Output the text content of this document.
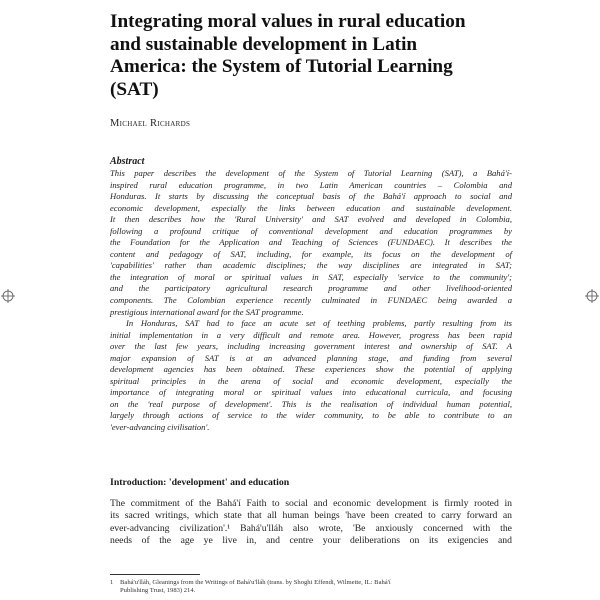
Integrating moral values in rural education
and sustainable development in Latin
America: the System of Tutorial Learning
(SAT)

Michael Richards

Abstract

This paper describes the development of the System of Tutorial Learning (SAT), a Bahá'í-

inspired rural education programme, in two Latin American countries – Colombia and

Honduras. It starts by discussing the conceptual basis of the Bahá'í approach to social and

economic development, especially the links between education and sustainable development.

It then describes how the 'Rural University' and SAT evolved and developed in Colombia,

following a profound critique of conventional development and education programmes by

the Foundation for the Application and Teaching of Sciences (FUNDAEC). It describes the

content and pedagogy of SAT, including, for example, its focus on the development of

'capabilities' rather than academic disciplines; the way disciplines are integrated in SAT;

the integration of moral or spiritual values in SAT, especially 'service to the community';

and the participatory agricultural research programme and other livelihood-oriented

components. The Colombian experience recently culminated in FUNDAEC being awarded a

prestigious international award for the SAT programme.

In Honduras, SAT had to face an acute set of teething problems, partly resulting from its

initial implementation in a very difficult and remote area. However, progress has been rapid

over the last few years, including increasing government interest and ownership of SAT. A

major expansion of SAT is at an advanced planning stage, and funding from several

development agencies has been obtained. These experiences show the potential of applying

spiritual principles in the arena of social and economic development, especially the

importance of integrating moral or spiritual values into educational curricula, and focusing

on the 'real purpose of development'. This is the realisation of individual human potential,

largely through actions of service to the wider community, to be able to contribute to an

'ever-advancing civilisation'.

Introduction: 'development' and education

The commitment of the Bahá'í Faith to social and economic development is firmly rooted in

its sacred writings, which state that all human beings 'have been created to carry forward an

ever-advancing civilization'.¹ Bahá'u'lláh also wrote, 'Be anxiously concerned with the

needs of the age ye live in, and centre your deliberations on its exigencies and

1 Bahá'u'lláh, Gleanings from the Writings of Bahá'u'lláh (trans. by Shoghi Effendi, Wilmette, IL: Bahá'í
Publishing Trust, 1983) 214.
